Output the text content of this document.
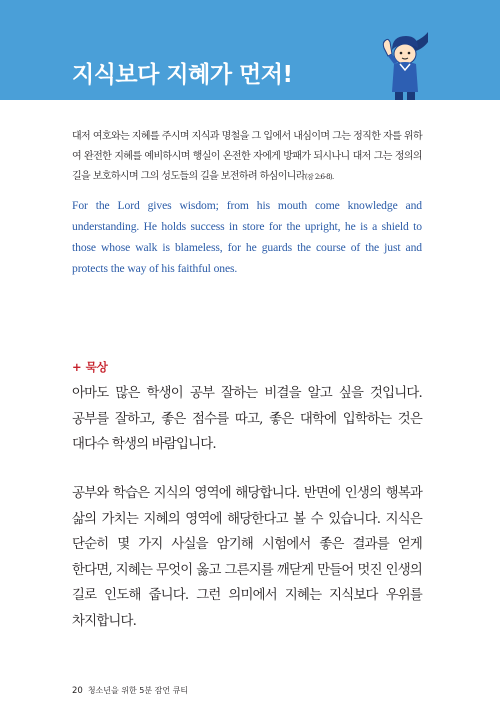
지식보다 지혜가 먼저!
대저 여호와는 지혜를 주시며 지식과 명철을 그 입에서 내심이며 그는 정직한 자를 위하여 완전한 지혜를 예비하시며 행실이 온전한 자에게 방패가 되시나니 대저 그는 정의의 길을 보호하시며 그의 성도들의 길을 보전하려 하심이니라(잠 2:6-8).
For the Lord gives wisdom; from his mouth come knowledge and understanding. He holds success in store for the upright, he is a shield to those whose walk is blameless, for he guards the course of the just and protects the way of his faithful ones.
+ 묵상
아마도 많은 학생이 공부 잘하는 비결을 알고 싶을 것입니다. 공부를 잘하고, 좋은 점수를 따고, 좋은 대학에 입학하는 것은 대다수 학생의 바람입니다.
공부와 학습은 지식의 영역에 해당합니다. 반면에 인생의 행복과 삶의 가치는 지혜의 영역에 해당한다고 볼 수 있습니다. 지식은 단순히 몇 가지 사실을 암기해 시험에서 좋은 결과를 얻게 한다면, 지혜는 무엇이 옳고 그른지를 깨닫게 만들어 멋진 인생의 길로 인도해 줍니다. 그런 의미에서 지혜는 지식보다 우위를 차지합니다.
20 청소년을 위한 5분 잠언 큐티
